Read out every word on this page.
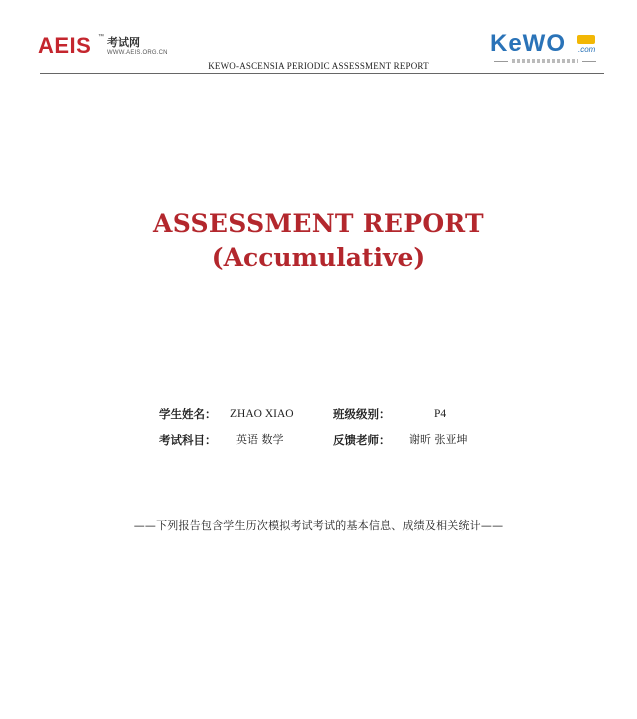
AEIS ™ 考试网
WWW.AEIS.ORG.CN	KeWO .com
KEWO-ASCENSIA PERIODIC ASSESSMENT REPORT
ASSESSMENT REPORT
(Accumulative)
学生姓名： ZHAO XIAO	班级级别：	P4
考试科目： 英语 数学	反馈老师： 谢昕 张亚坤
——下列报告包含学生历次模拟考试考试的基本信息、成绩及相关统计——
